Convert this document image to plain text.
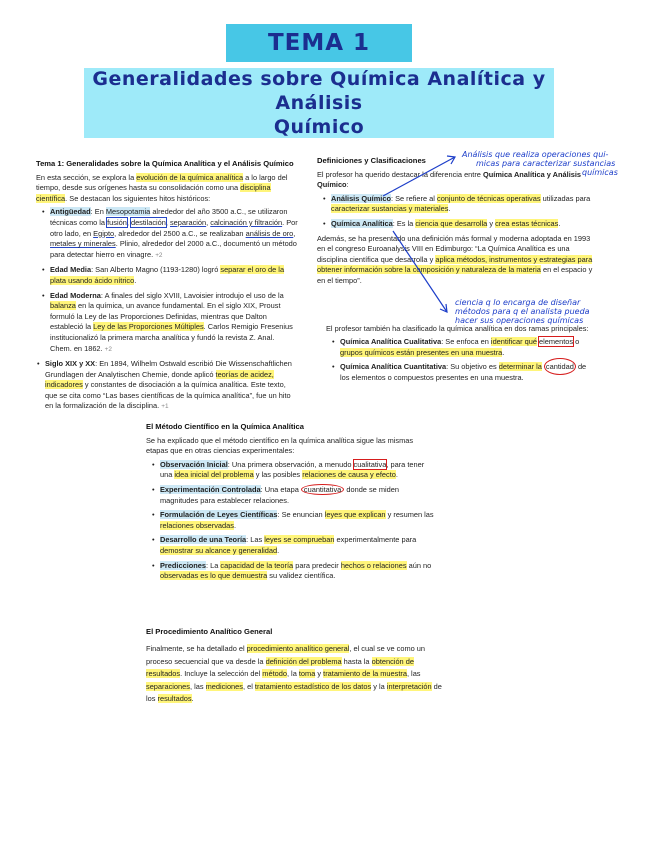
TEMA 1
Generalidades sobre Química Analítica y Análisis
Químico
Tema 1: Generalidades sobre la Química Analítica y el Análisis Químico

En esta sección, se explora la evolución de la química analítica a lo largo del tiempo, desde sus orígenes hasta su consolidación como una disciplina científica. Se destacan los siguientes hitos históricos:

• Antigüedad: En Mesopotamia alrededor del año 3500 a.C., se utilizaron técnicas como la fusión, destilación, separación, calcinación y filtración. Por otro lado, en Egipto, alrededor del 2500 a.C., se realizaban análisis de oro, metales y minerales. Plinio, alrededor del 2000 a.C., documentó un método para detectar hierro en vinagre. +2
• Edad Media: San Alberto Magno (1193-1280) logró separar el oro de la plata usando ácido nítrico.
• Edad Moderna: A finales del siglo XVIII, Lavoisier introdujo el uso de la balanza en la química, un avance fundamental. En el siglo XIX, Proust formuló la Ley de las Proporciones Definidas, mientras que Dalton estableció la Ley de las Proporciones Múltiples. Carlos Remigio Fresenius institucionalizó la primera marcha analítica y fundó la revista Z. Anal. Chem. en 1862. +2
• Siglo XIX y XX: En 1894, Wilhelm Ostwald escribió Die Wissenschaftlichen Grundlagen der Analytischen Chemie, donde aplicó teorías de acidez, indicadores y constantes de disociación a la química analítica. Este texto, que se cita como “Las bases científicas de la química analítica”, fue un hito en la formalización de la disciplina. +1
Definiciones y Clasificaciones

El profesor ha querido destacar la diferencia entre Química Analítica y Análisis Químico:

• Análisis Químico: Se refiere al conjunto de técnicas operativas utilizadas para caracterizar sustancias y materiales.
• Química Analítica: Es la ciencia que desarrolla y crea estas técnicas.

Además, se ha presentado una definición más formal y moderna adoptada en 1993 en el congreso Euroanalysis VIII en Edimburgo: “La Química Analítica es una disciplina científica que desarrolla y aplica métodos, instrumentos y estrategias para obtener información sobre la composición y naturaleza de la materia en el espacio y en el tiempo”.

El profesor también ha clasificado la química analítica en dos ramas principales:

• Química Analítica Cualitativa: Se enfoca en identificar qué elementos o grupos químicos están presentes en una muestra.
• Química Analítica Cuantitativa: Su objetivo es determinar la cantidad de los elementos o compuestos presentes en una muestra.
El Método Científico en la Química Analítica

Se ha explicado que el método científico en la química analítica sigue las mismas etapas que en otras ciencias experimentales:

• Observación Inicial: Una primera observación, a menudo cualitativa, para tener una idea inicial del problema y las posibles relaciones de causa y efecto.
• Experimentación Controlada: Una etapa cuantitativa donde se miden magnitudes para establecer relaciones.
• Formulación de Leyes Científicas: Se enuncian leyes que explican y resumen las relaciones observadas.
• Desarrollo de una Teoría: Las leyes se comprueban experimentalmente para demostrar su alcance y generalidad.
• Predicciones: La capacidad de la teoría para predecir hechos o relaciones aún no observadas es lo que demuestra su validez científica.
El Procedimiento Analítico General

Finalmente, se ha detallado el procedimiento analítico general, el cual se ve como un proceso secuencial que va desde la definición del problema hasta la obtención de resultados. Incluye la selección del método, la toma y tratamiento de la muestra, las separaciones, las mediciones, el tratamiento estadístico de los datos y la interpretación de los resultados.

Análisis que realiza operaciones qui-
micas para caracterizar sustancias
químicas
ciencia q lo encarga de diseñar
métodos para q el analista pueda
hacer sus operaciones químicas
